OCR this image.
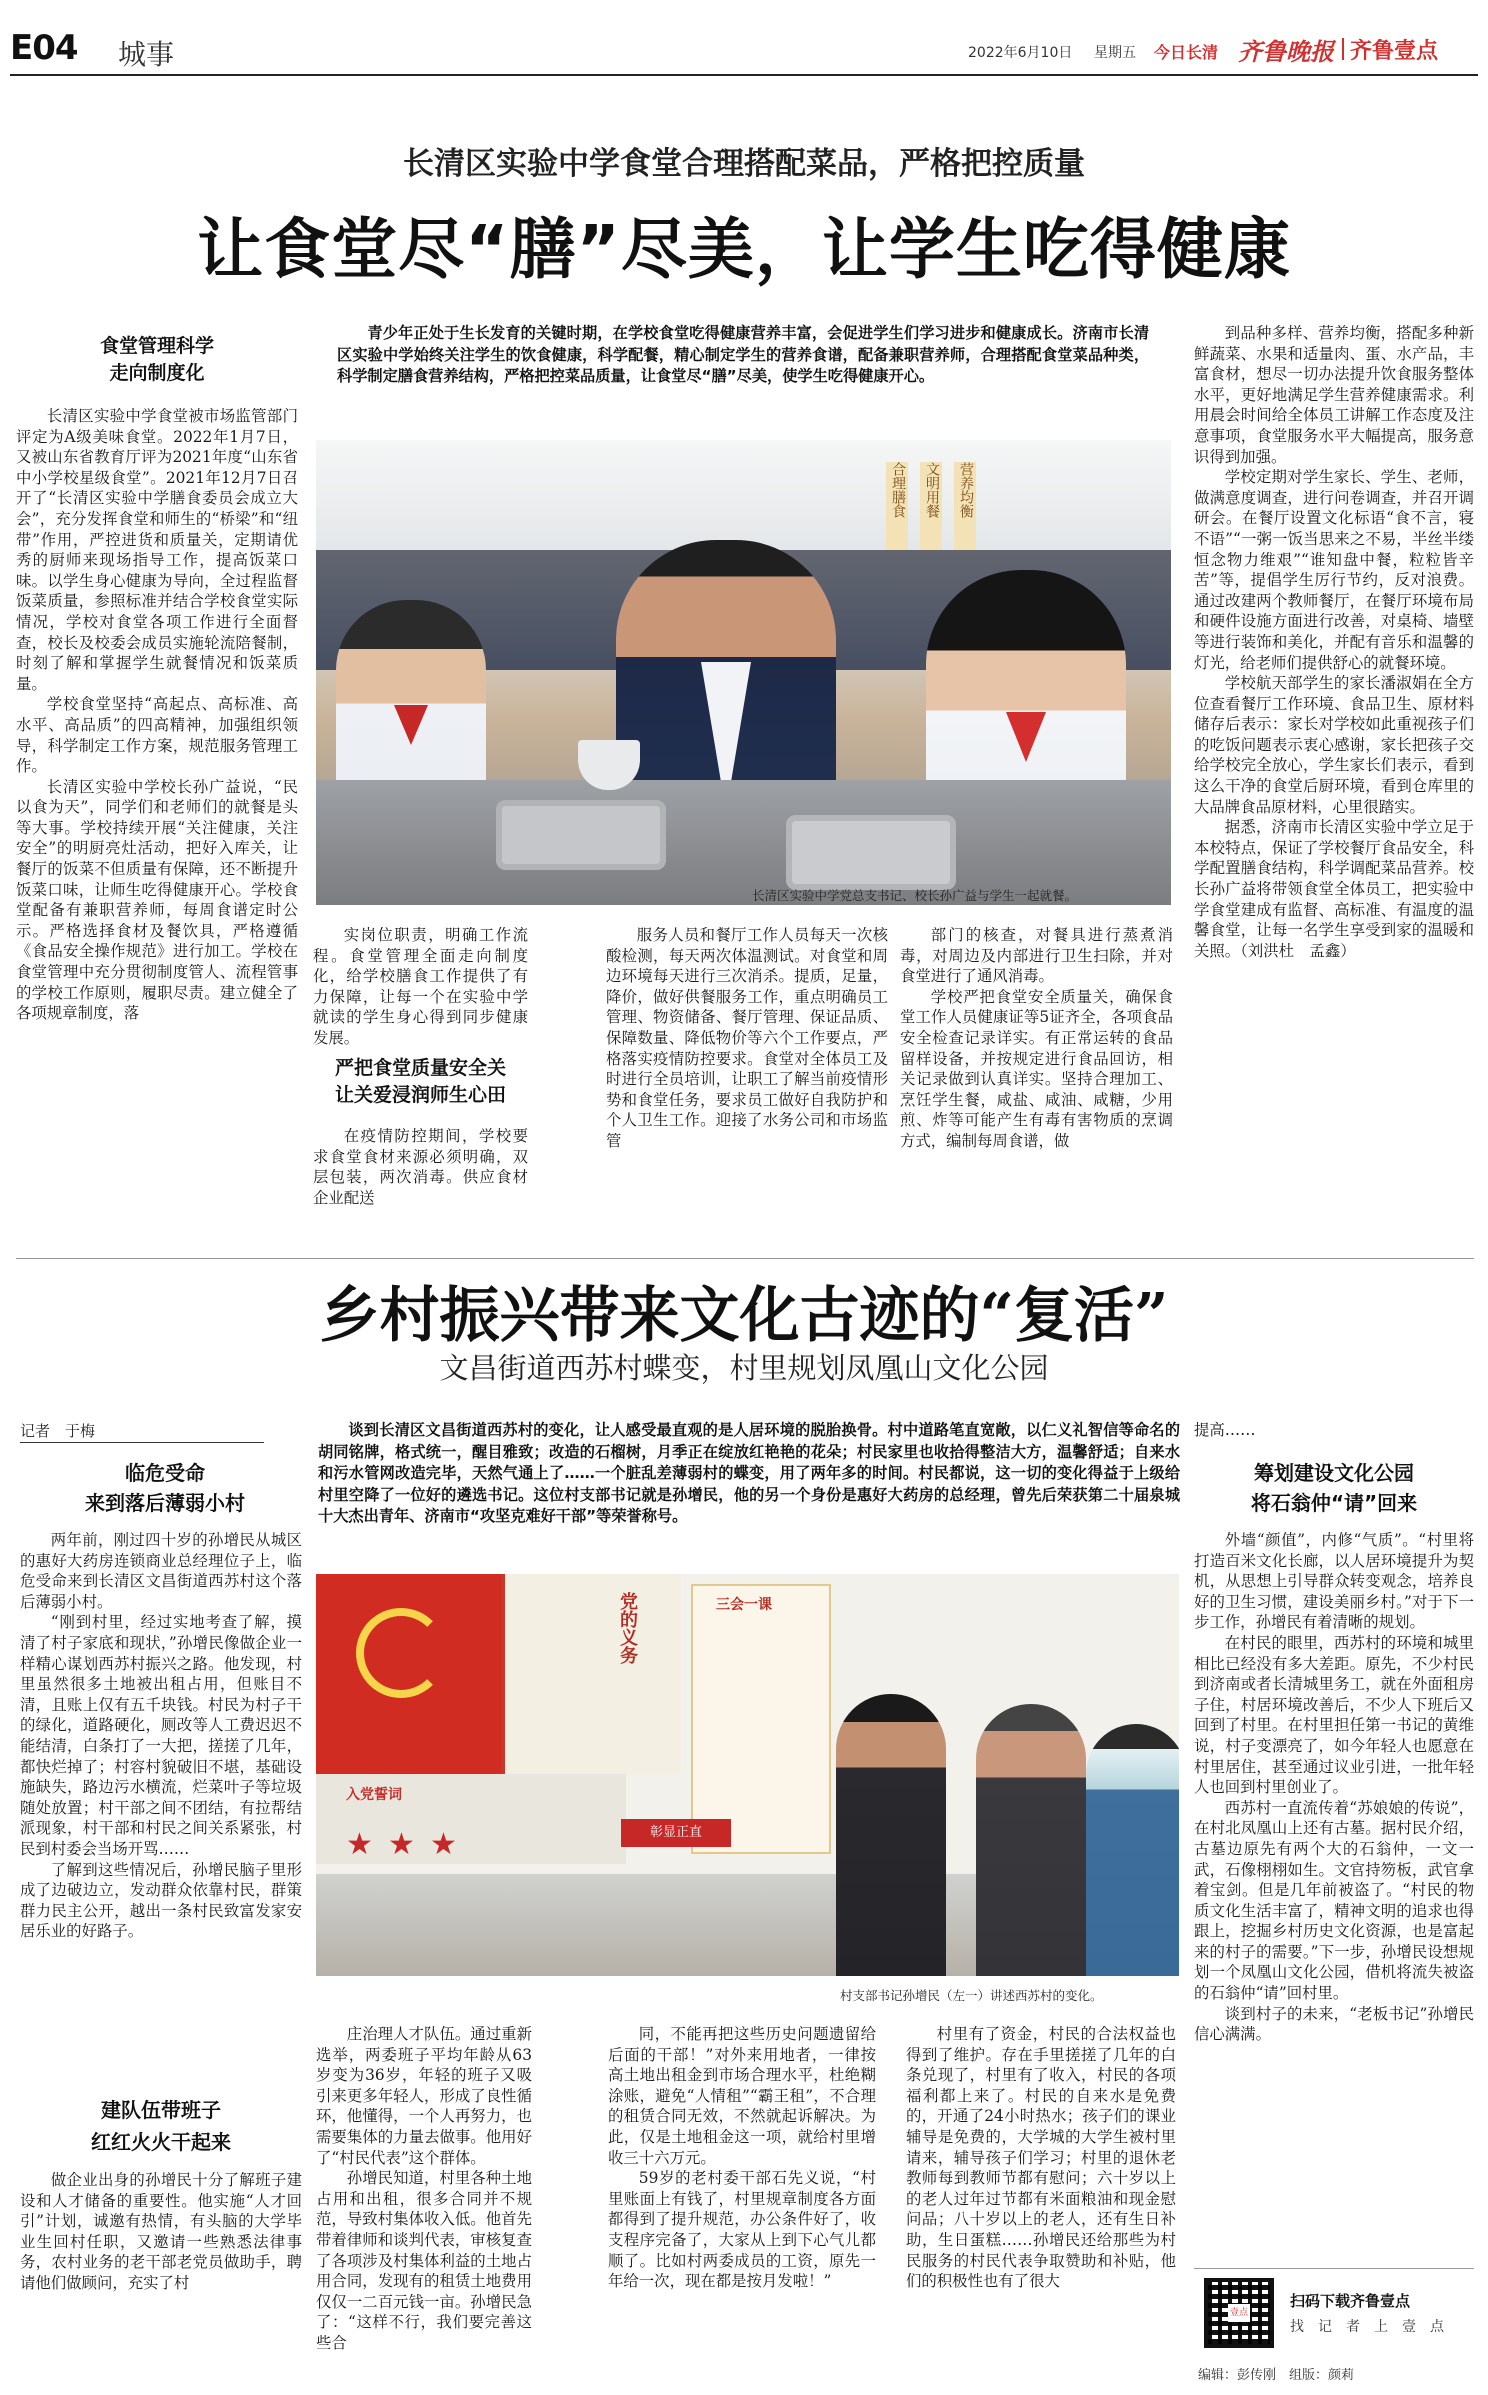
E04 城事	2022年6月10日 星期五 今日长清 齐鲁晚报 齐鲁壹点
长清区实验中学食堂合理搭配菜品，严格把控质量
让食堂尽“膳”尽美，让学生吃得健康
青少年正处于生长发育的关键时期，在学校食堂吃得健康营养丰富，会促进学生们学习进步和健康成长。济南市长清区实验中学始终关注学生的饮食健康，科学配餐，精心制定学生的营养食谱，配备兼职营养师，合理搭配食堂菜品种类，科学制定膳食营养结构，严格把控菜品质量，让食堂尽“膳”尽美，使学生吃得健康开心。
合理膳食 文明用餐 营养均衡
长清区实验中学党总支书记、校长孙广益与学生一起就餐。
食堂管理科学
走向制度化

长清区实验中学食堂被市场监管部门评定为A级美味食堂。2022年1月7日，又被山东省教育厅评为2021年度“山东省中小学校星级食堂”。2021年12月7日召开了“长清区实验中学膳食委员会成立大会”，充分发挥食堂和师生的“桥梁”和“纽带”作用，严控进货和质量关，定期请优秀的厨师来现场指导工作，提高饭菜口味。以学生身心健康为导向，全过程监督饭菜质量，参照标准并结合学校食堂实际情况，学校对食堂各项工作进行全面督查，校长及校委会成员实施轮流陪餐制，时刻了解和掌握学生就餐情况和饭菜质量。

学校食堂坚持“高起点、高标准、高水平、高品质”的四高精神，加强组织领导，科学制定工作方案，规范服务管理工作。

长清区实验中学校长孙广益说，“民以食为天”，同学们和老师们的就餐是头等大事。学校持续开展“关注健康，关注安全”的明厨亮灶活动，把好入库关，让餐厅的饭菜不但质量有保障，还不断提升饭菜口味，让师生吃得健康开心。学校食堂配备有兼职营养师，每周食谱定时公示。严格选择食材及餐饮具，严格遵循《食品安全操作规范》进行加工。学校在食堂管理中充分贯彻制度管人、流程管事的学校工作原则，履职尽责。建立健全了各项规章制度，落

实岗位职责，明确工作流程。食堂管理全面走向制度化，给学校膳食工作提供了有力保障，让每一个在实验中学就读的学生身心得到同步健康发展。

严把食堂质量安全关
让关爱浸润师生心田

在疫情防控期间，学校要求食堂食材来源必须明确，双层包装，两次消毒。供应食材企业配送

服务人员和餐厅工作人员每天一次核酸检测，每天两次体温测试。对食堂和周边环境每天进行三次消杀。提质，足量，降价，做好供餐服务工作，重点明确员工管理、物资储备、餐厅管理、保证品质、保障数量、降低物价等六个工作要点，严格落实疫情防控要求。食堂对全体员工及时进行全员培训，让职工了解当前疫情形势和食堂任务，要求员工做好自我防护和个人卫生工作。迎接了水务公司和市场监管

部门的核查，对餐具进行蒸煮消毒，对周边及内部进行卫生扫除，并对食堂进行了通风消毒。

学校严把食堂安全质量关，确保食堂工作人员健康证等5证齐全，各项食品安全检查记录详实。有正常运转的食品留样设备，并按规定进行食品回访，相关记录做到认真详实。坚持合理加工、烹饪学生餐，咸盐、咸油、咸糖，少用煎、炸等可能产生有毒有害物质的烹调方式，编制每周食谱，做

到品种多样、营养均衡，搭配多种新鲜蔬菜、水果和适量肉、蛋、水产品，丰富食材，想尽一切办法提升饮食服务整体水平，更好地满足学生营养健康需求。利用晨会时间给全体员工讲解工作态度及注意事项，食堂服务水平大幅提高，服务意识得到加强。

学校定期对学生家长、学生、老师，做满意度调查，进行问卷调查，并召开调研会。在餐厅设置文化标语“食不言，寝不语”“一粥一饭当思来之不易，半丝半缕恒念物力维艰”“谁知盘中餐，粒粒皆辛苦”等，提倡学生厉行节约，反对浪费。通过改建两个教师餐厅，在餐厅环境布局和硬件设施方面进行改善，对桌椅、墙壁等进行装饰和美化，并配有音乐和温馨的灯光，给老师们提供舒心的就餐环境。

学校航天部学生的家长潘淑娟在全方位查看餐厅工作环境、食品卫生、原材料储存后表示：家长对学校如此重视孩子们的吃饭问题表示衷心感谢，家长把孩子交给学校完全放心，学生家长们表示，看到这么干净的食堂后厨环境，看到仓库里的大品牌食品原材料，心里很踏实。

据悉，济南市长清区实验中学立足于本校特点，保证了学校餐厅食品安全，科学配置膳食结构，科学调配菜品营养。校长孙广益将带领食堂全体员工，把实验中学食堂建成有监督、高标准、有温度的温馨食堂，让每一名学生享受到家的温暖和关照。（刘洪杜　孟鑫）

乡村振兴带来文化古迹的“复活”
文昌街道西苏村蝶变，村里规划凤凰山文化公园
记者　于梅	谈到长清区文昌街道西苏村的变化，让人感受最直观的是人居环境的脱胎换骨。村中道路笔直宽敞，以仁义礼智信等命名的胡同铭牌，格式统一，醒目雅致；改造的石榴树，月季正在绽放红艳艳的花朵；村民家里也收拾得整洁大方，温馨舒适；自来水和污水管网改造完毕，天然气通上了……一个脏乱差薄弱村的蝶变，用了两年多的时间。村民都说，这一切的变化得益于上级给村里空降了一位好的遴选书记。这位村支部书记就是孙增民，他的另一个身份是惠好大药房的总经理，曾先后荣获第二十届泉城十大杰出青年、济南市“攻坚克难好干部”等荣誉称号。
党的义务
入党誓词
★ ★ ★
三会一课
彰显正直
村支部书记孙增民（左一）讲述西苏村的变化。
临危受命
来到落后薄弱小村

两年前，刚过四十岁的孙增民从城区的惠好大药房连锁商业总经理位子上，临危受命来到长清区文昌街道西苏村这个落后薄弱小村。

“刚到村里，经过实地考查了解，摸清了村子家底和现状，”孙增民像做企业一样精心谋划西苏村振兴之路。他发现，村里虽然很多土地被出租占用，但账目不清，且账上仅有五千块钱。村民为村子干的绿化，道路硬化，厕改等人工费迟迟不能结清，白条打了一大把，搓搓了几年，都快烂掉了；村容村貌破旧不堪，基础设施缺失，路边污水横流，烂菜叶子等垃圾随处放置；村干部之间不团结，有拉帮结派现象，村干部和村民之间关系紧张，村民到村委会当场开骂……

了解到这些情况后，孙增民脑子里形成了边破边立，发动群众依靠村民，群策群力民主公开，越出一条村民致富发家安居乐业的好路子。

建队伍带班子
红红火火干起来

做企业出身的孙增民十分了解班子建设和人才储备的重要性。他实施“人才回引”计划，诚邀有热情，有头脑的大学毕业生回村任职，又邀请一些熟悉法律事务，农村业务的老干部老党员做助手，聘请他们做顾问，充实了村

庄治理人才队伍。通过重新选举，两委班子平均年龄从63岁变为36岁，年轻的班子又吸引来更多年轻人，形成了良性循环，他懂得，一个人再努力，也需要集体的力量去做事。他用好了“村民代表”这个群体。

孙增民知道，村里各种土地占用和出租，很多合同并不规范，导致村集体收入低。他首先带着律师和谈判代表，审核复查了各项涉及村集体利益的土地占用合同，发现有的租赁土地费用仅仅一二百元钱一亩。孙增民急了：“这样不行，我们要完善这些合

同，不能再把这些历史问题遗留给后面的干部！”对外来用地者，一律按高土地出租金到市场合理水平，杜绝糊涂账，避免“人情租”“霸王租”，不合理的租赁合同无效，不然就起诉解决。为此，仅是土地租金这一项，就给村里增收三十六万元。

59岁的老村委干部石先义说，“村里账面上有钱了，村里规章制度各方面都得到了提升规范，办公条件好了，收支程序完备了，大家从上到下心气儿都顺了。比如村两委成员的工资，原先一年给一次，现在都是按月发啦！”

村里有了资金，村民的合法权益也得到了维护。存在手里搓搓了几年的白条兑现了，村里有了收入，村民的各项福利都上来了。村民的自来水是免费的，开通了24小时热水；孩子们的课业辅导是免费的，大学城的大学生被村里请来，辅导孩子们学习；村里的退休老教师每到教师节都有慰问；六十岁以上的老人过年过节都有米面粮油和现金慰问品；八十岁以上的老人，还有生日补助，生日蛋糕……孙增民还给那些为村民服务的村民代表争取赞助和补贴，他们的积极性也有了很大

提高……

筹划建设文化公园
将石翁仲“请”回来

外墙“颜值”，内修“气质”。“村里将打造百米文化长廊，以人居环境提升为契机，从思想上引导群众转变观念，培养良好的卫生习惯，建设美丽乡村。”对于下一步工作，孙增民有着清晰的规划。

在村民的眼里，西苏村的环境和城里相比已经没有多大差距。原先，不少村民到济南或者长清城里务工，就在外面租房子住，村居环境改善后，不少人下班后又回到了村里。在村里担任第一书记的黄维说，村子变漂亮了，如今年轻人也愿意在村里居住，甚至通过议业引进，一批年轻人也回到村里创业了。

西苏村一直流传着“苏娘娘的传说”，在村北凤凰山上还有古墓。据村民介绍，古墓边原先有两个大的石翁仲，一文一武，石像栩栩如生。文官持笏板，武官拿着宝剑。但是几年前被盗了。“村民的物质文化生活丰富了，精神文明的追求也得跟上，挖掘乡村历史文化资源，也是富起来的村子的需要。”下一步，孙增民设想规划一个凤凰山文化公园，借机将流失被盗的石翁仲“请”回村里。

谈到村子的未来，“老板书记”孙增民信心满满。

壹点
扫码下载齐鲁壹点
找　记　者　上　壹　点
编辑：彭传刚　组版：颜莉
